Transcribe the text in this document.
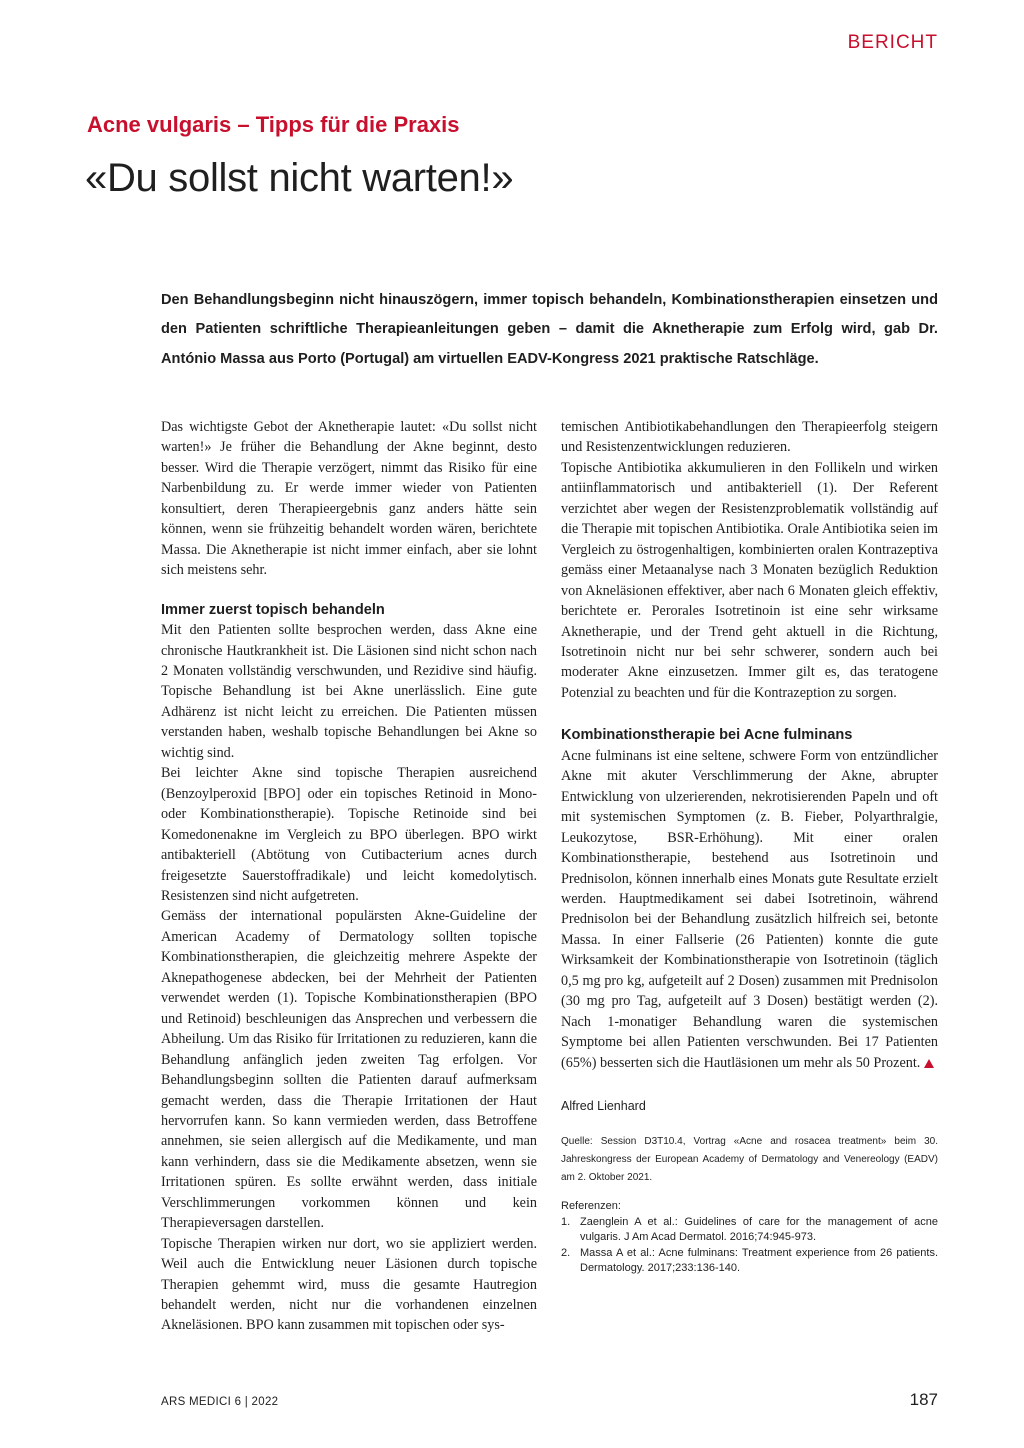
BERICHT
Acne vulgaris – Tipps für die Praxis
«Du sollst nicht warten!»

Den Behandlungsbeginn nicht hinauszögern, immer topisch behandeln, Kombinationstherapien einsetzen und den Patienten schriftliche Therapieanleitungen geben – damit die Aknetherapie zum Erfolg wird, gab Dr. António Massa aus Porto (Portugal) am virtuellen EADV-Kongress 2021 praktische Ratschläge.

Das wichtigste Gebot der Aknetherapie lautet: «Du sollst nicht warten!» Je früher die Behandlung der Akne beginnt, desto besser. Wird die Therapie verzögert, nimmt das Risiko für eine Narbenbildung zu. Er werde immer wieder von Patienten konsultiert, deren Therapieergebnis ganz anders hätte sein können, wenn sie frühzeitig behandelt worden wären, berichtete Massa. Die Aknetherapie ist nicht immer einfach, aber sie lohnt sich meistens sehr.

Immer zuerst topisch behandeln

Mit den Patienten sollte besprochen werden, dass Akne eine chronische Hautkrankheit ist. Die Läsionen sind nicht schon nach 2 Monaten vollständig verschwunden, und Rezidive sind häufig. Topische Behandlung ist bei Akne unerlässlich. Eine gute Adhärenz ist nicht leicht zu erreichen. Die Patienten müssen verstanden haben, weshalb topische Behandlungen bei Akne so wichtig sind.

Bei leichter Akne sind topische Therapien ausreichend (Benzoylperoxid [BPO] oder ein topisches Retinoid in Mono- oder Kombinationstherapie). Topische Retinoide sind bei Komedonenakne im Vergleich zu BPO überlegen. BPO wirkt antibakteriell (Abtötung von Cutibacterium acnes durch freigesetzte Sauerstoffradikale) und leicht komedolytisch. Resistenzen sind nicht aufgetreten.

Gemäss der international populärsten Akne-Guideline der American Academy of Dermatology sollten topische Kombinationstherapien, die gleichzeitig mehrere Aspekte der Aknepathogenese abdecken, bei der Mehrheit der Patienten verwendet werden (1). Topische Kombinationstherapien (BPO und Retinoid) beschleunigen das Ansprechen und verbessern die Abheilung. Um das Risiko für Irritationen zu reduzieren, kann die Behandlung anfänglich jeden zweiten Tag erfolgen. Vor Behandlungsbeginn sollten die Patienten darauf aufmerksam gemacht werden, dass die Therapie Irritationen der Haut hervorrufen kann. So kann vermieden werden, dass Betroffene annehmen, sie seien allergisch auf die Medikamente, und man kann verhindern, dass sie die Medikamente absetzen, wenn sie Irritationen spüren. Es sollte erwähnt werden, dass initiale Verschlimmerungen vorkommen können und kein Therapieversagen darstellen.

Topische Therapien wirken nur dort, wo sie appliziert werden. Weil auch die Entwicklung neuer Läsionen durch topische Therapien gehemmt wird, muss die gesamte Hautregion behandelt werden, nicht nur die vorhandenen einzelnen Akneläsionen. BPO kann zusammen mit topischen oder sys-

temischen Antibiotikabehandlungen den Therapieerfolg steigern und Resistenzentwicklungen reduzieren.

Topische Antibiotika akkumulieren in den Follikeln und wirken antiinflammatorisch und antibakteriell (1). Der Referent verzichtet aber wegen der Resistenzproblematik vollständig auf die Therapie mit topischen Antibiotika. Orale Antibiotika seien im Vergleich zu östrogenhaltigen, kombinierten oralen Kontrazeptiva gemäss einer Metaanalyse nach 3 Monaten bezüglich Reduktion von Akneläsionen effektiver, aber nach 6 Monaten gleich effektiv, berichtete er. Perorales Isotretinoin ist eine sehr wirksame Aknetherapie, und der Trend geht aktuell in die Richtung, Isotretinoin nicht nur bei sehr schwerer, sondern auch bei moderater Akne einzusetzen. Immer gilt es, das teratogene Potenzial zu beachten und für die Kontrazeption zu sorgen.

Kombinationstherapie bei Acne fulminans

Acne fulminans ist eine seltene, schwere Form von entzündlicher Akne mit akuter Verschlimmerung der Akne, abrupter Entwicklung von ulzerierenden, nekrotisierenden Papeln und oft mit systemischen Symptomen (z. B. Fieber, Polyarthralgie, Leukozytose, BSR-Erhöhung). Mit einer oralen Kombinationstherapie, bestehend aus Isotretinoin und Prednisolon, können innerhalb eines Monats gute Resultate erzielt werden. Hauptmedikament sei dabei Isotretinoin, während Prednisolon bei der Behandlung zusätzlich hilfreich sei, betonte Massa. In einer Fallserie (26 Patienten) konnte die gute Wirksamkeit der Kombinationstherapie von Isotretinoin (täglich 0,5 mg pro kg, aufgeteilt auf 2 Dosen) zusammen mit Prednisolon (30 mg pro Tag, aufgeteilt auf 3 Dosen) bestätigt werden (2). Nach 1-monatiger Behandlung waren die systemischen Symptome bei allen Patienten verschwunden. Bei 17 Patienten (65%) besserten sich die Hautläsionen um mehr als 50 Prozent.

Alfred Lienhard

Quelle: Session D3T10.4, Vortrag «Acne and rosacea treatment» beim 30. Jahreskongress der European Academy of Dermatology and Venereology (EADV) am 2. Oktober 2021.

Referenzen:

1. Zaenglein A et al.: Guidelines of care for the management of acne vulgaris. J Am Acad Dermatol. 2016;74:945-973.
2. Massa A et al.: Acne fulminans: Treatment experience from 26 patients. Dermatology. 2017;233:136-140.
ARS MEDICI 6 | 2022	187
